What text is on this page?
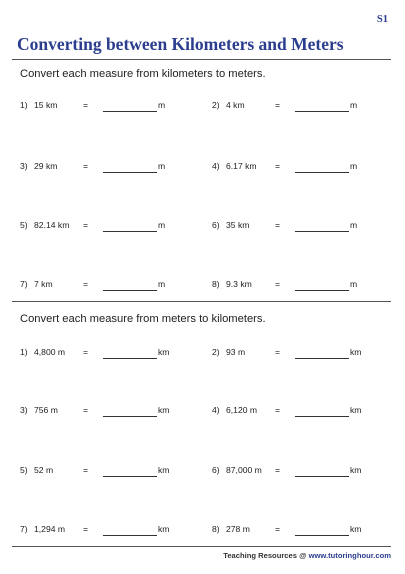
S1
Converting between Kilometers and Meters
Convert each measure from kilometers to meters.
1) 15 km	=	m	2) 4 km	=	m
3) 29 km	=	m	4) 6.17 km =	m
5) 82.14 km =	m	6) 35 km	=	m
7) 7 km	=	m	8) 9.3 km	=	m
Convert each measure from meters to kilometers.
1) 4,800 m =	km	2) 93 m	=	km
3) 756 m	=	km	4) 6,120 m =	km
5) 52 m	=	km	6) 87,000 m =	km
7) 1,294 m =	km	8) 278 m	=	km
Teaching Resources @ www.tutoringhour.com
